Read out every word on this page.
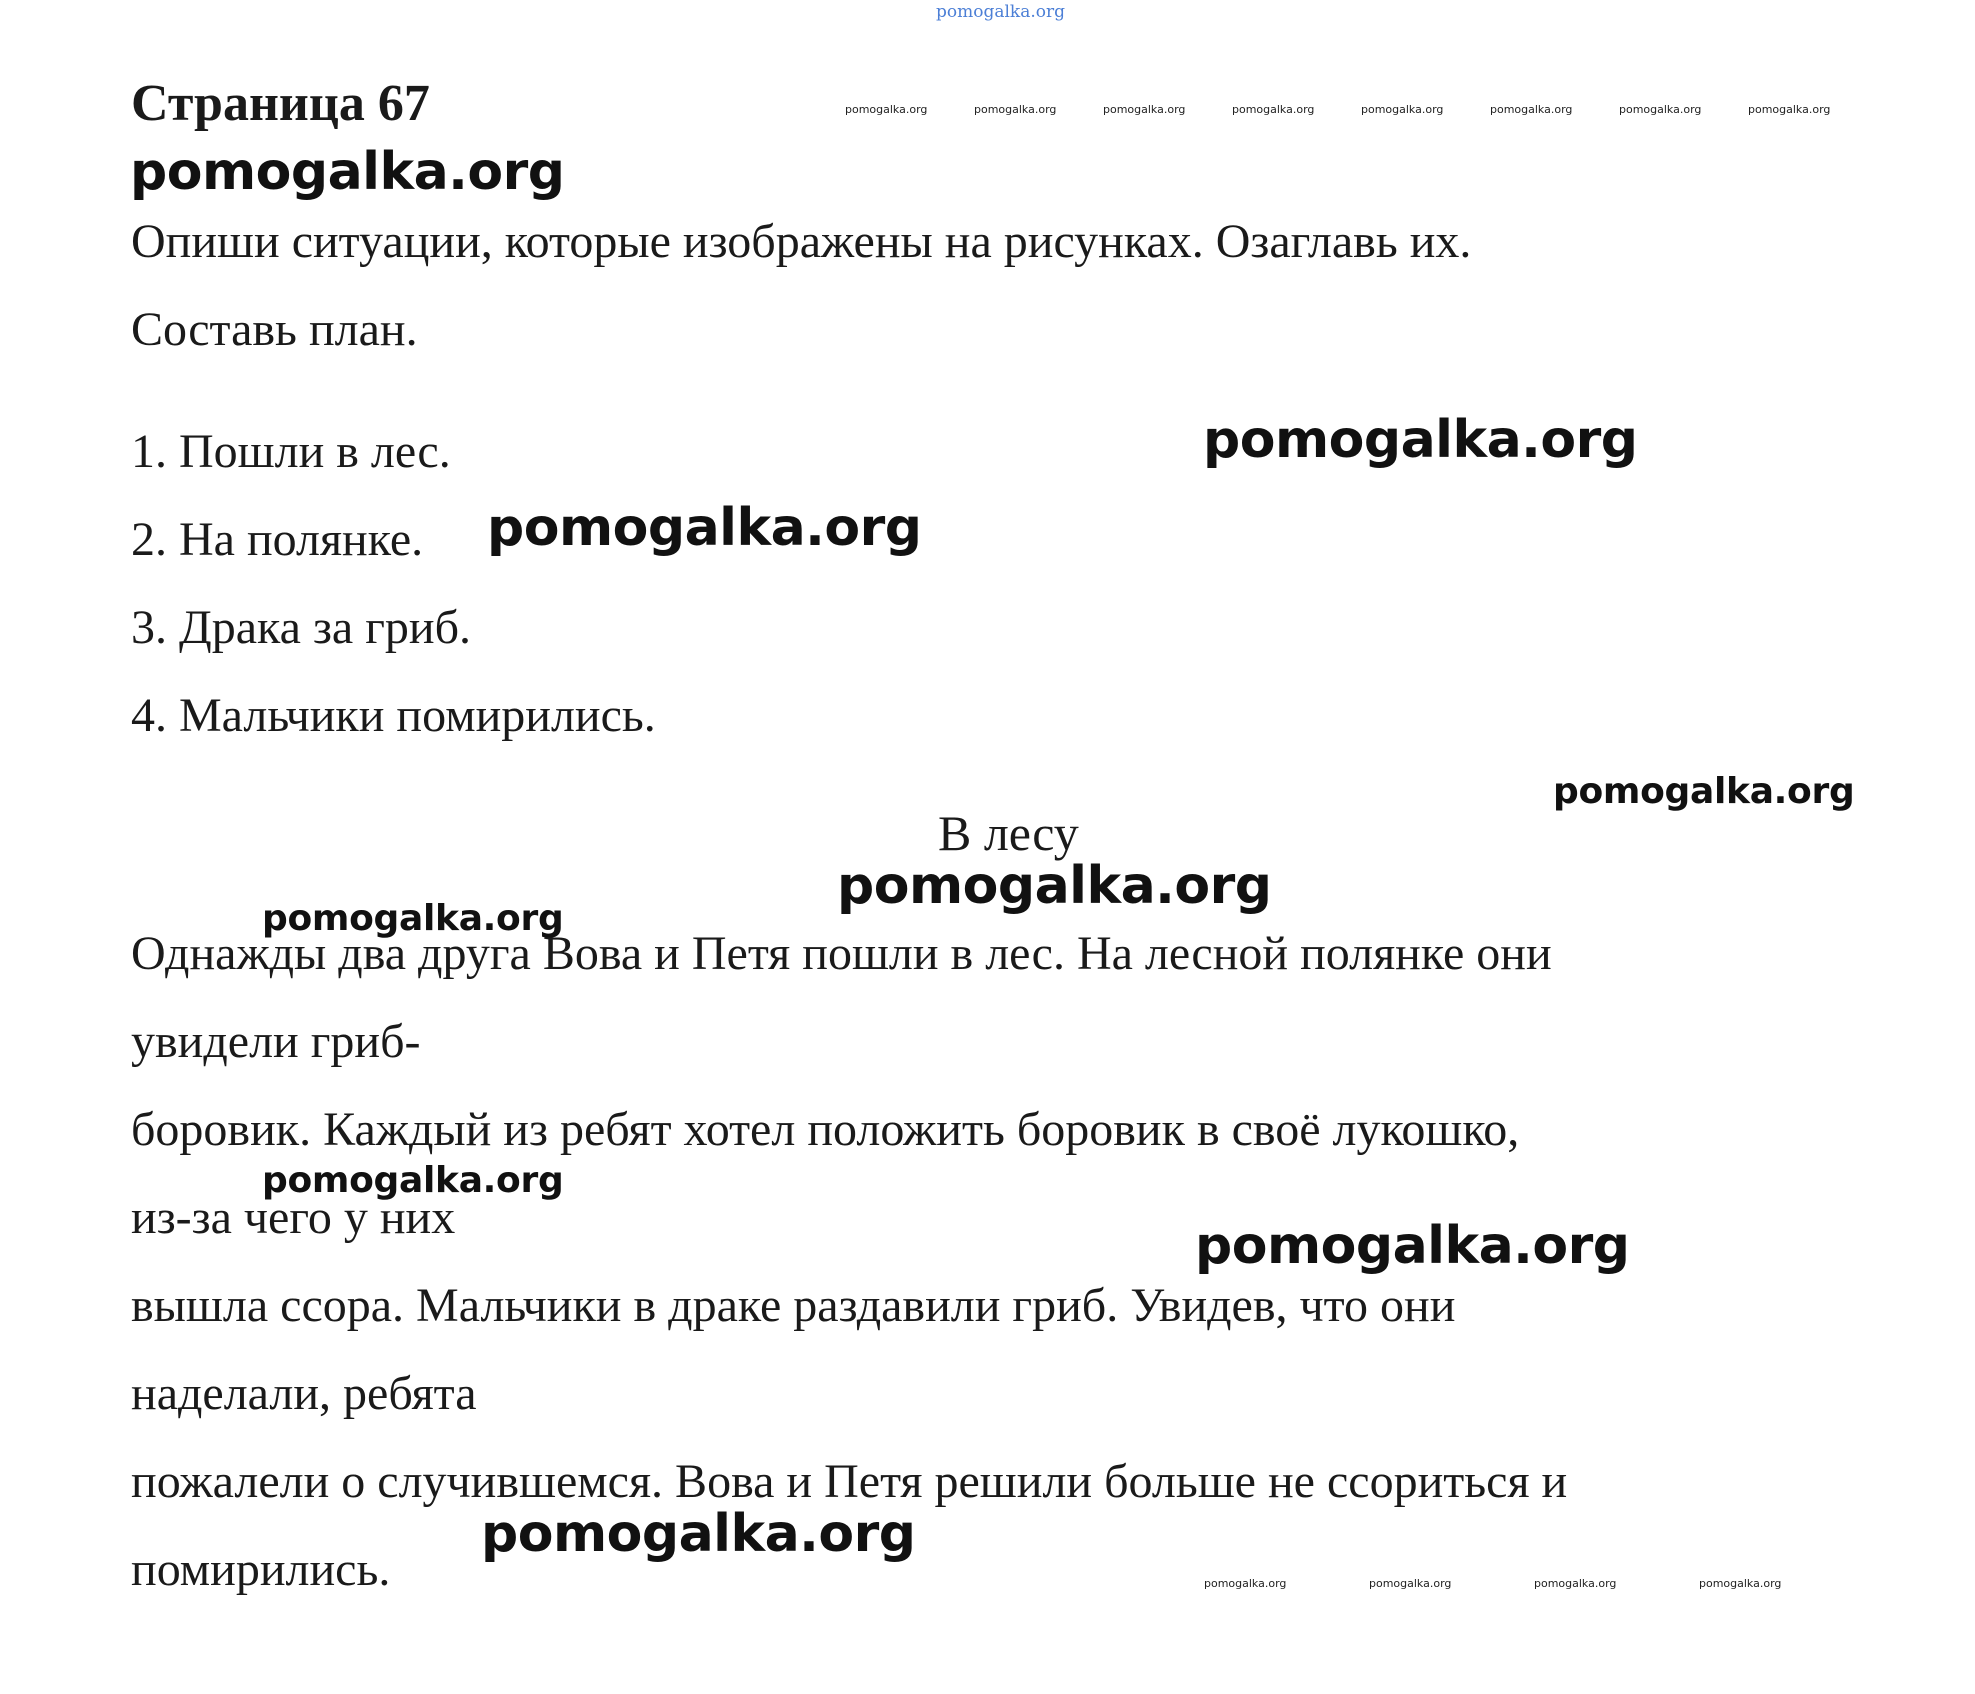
pomogalka.org
Страница 67	pomogalka.org	pomogalka.org	pomogalka.org	pomogalka.org	pomogalka.org	pomogalka.org	pomogalka.org	pomogalka.org
pomogalka.org
Опиши ситуации, которые изображены на рисунках. Озаглавь их.
Составь план.
1. Пошли в лес.
2. На полянке.
3. Драка за гриб.
4. Мальчики помирились.
pomogalka.org
pomogalka.org
pomogalka.org
В лесу
pomogalka.org
pomogalka.org
Однажды два друга Вова и Петя пошли в лес. На лесной полянке они
увидели гриб-
боровик. Каждый из ребят хотел положить боровик в своё лукошко,
из-за чего у них
вышла ссора. Мальчики в драке раздавили гриб. Увидев, что они
наделали, ребята
пожалели о случившемся. Вова и Петя решили больше не ссориться и
помирились.
pomogalka.org
pomogalka.org
pomogalka.org
pomogalka.org	pomogalka.org	pomogalka.org	pomogalka.org
